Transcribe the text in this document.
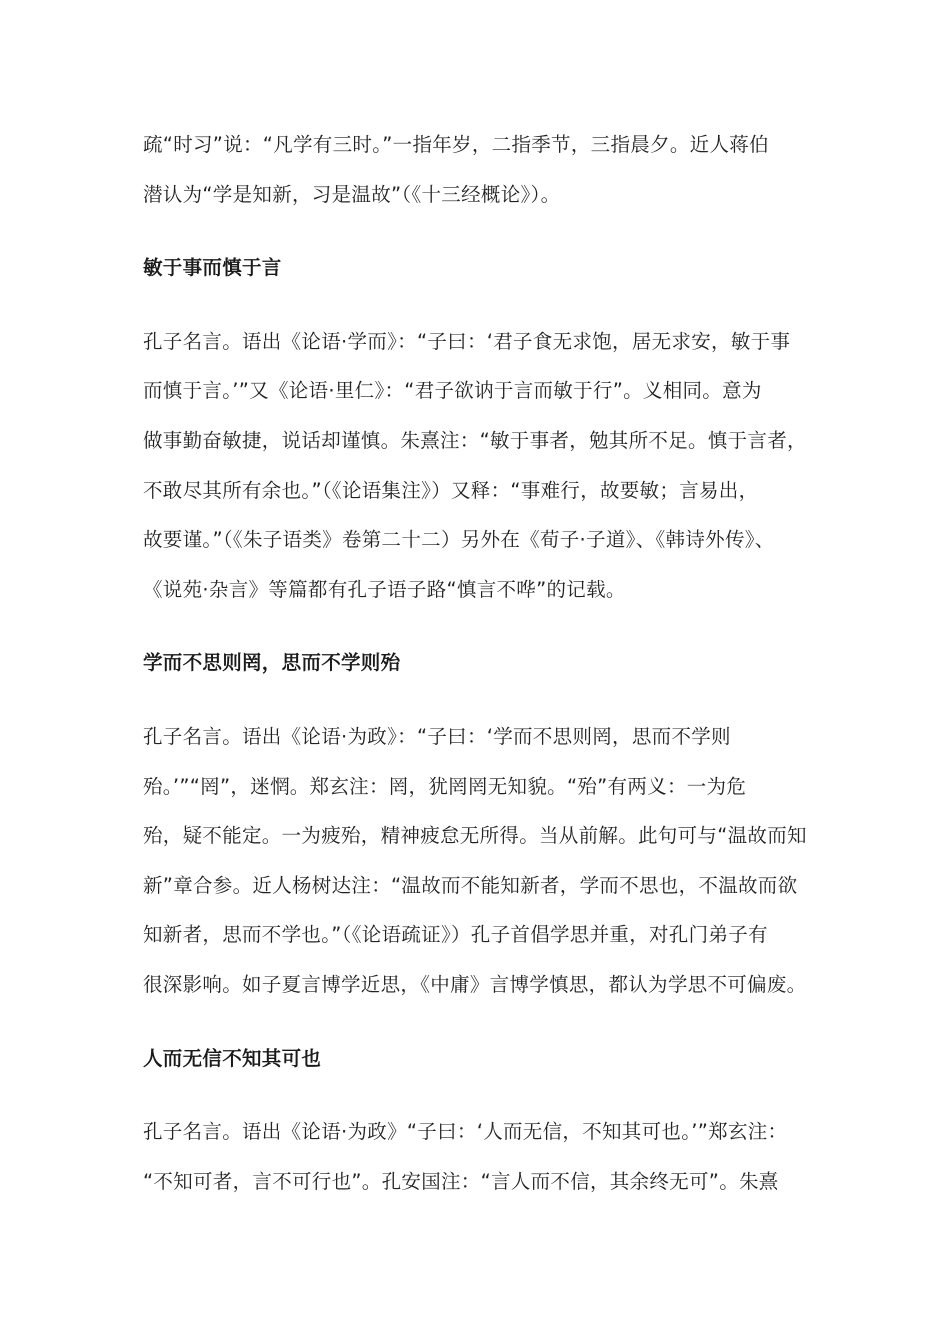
疏“时习”说：“凡学有三时。”一指年岁，二指季节，三指晨夕。近人蒋伯
潜认为“学是知新，习是温故”（《十三经概论》）。
敏于事而慎于言
孔子名言。语出《论语·学而》：“子曰：‘君子食无求饱，居无求安，敏于事
而慎于言。’”又《论语·里仁》：“君子欲讷于言而敏于行”。义相同。意为
做事勤奋敏捷，说话却谨慎。朱熹注：“敏于事者，勉其所不足。慎于言者，
不敢尽其所有余也。”（《论语集注》）又释：“事难行，故要敏；言易出，
故要谨。”（《朱子语类》卷第二十二）另外在《荀子·子道》、《韩诗外传》、
《说苑·杂言》等篇都有孔子语子路“慎言不哗”的记载。
学而不思则罔，思而不学则殆
孔子名言。语出《论语·为政》：“子曰：‘学而不思则罔，思而不学则
殆。’”“罔”，迷惘。郑玄注：罔，犹罔罔无知貌。“殆”有两义：一为危
殆，疑不能定。一为疲殆，精神疲怠无所得。当从前解。此句可与“温故而知
新”章合参。近人杨树达注：“温故而不能知新者，学而不思也，不温故而欲
知新者，思而不学也。”（《论语疏证》）孔子首倡学思并重，对孔门弟子有
很深影响。如子夏言博学近思，《中庸》言博学慎思，都认为学思不可偏废。
人而无信不知其可也
孔子名言。语出《论语·为政》“子曰：‘人而无信，不知其可也。’”郑玄注：
“不知可者，言不可行也”。孔安国注：“言人而不信，其余终无可”。朱熹
